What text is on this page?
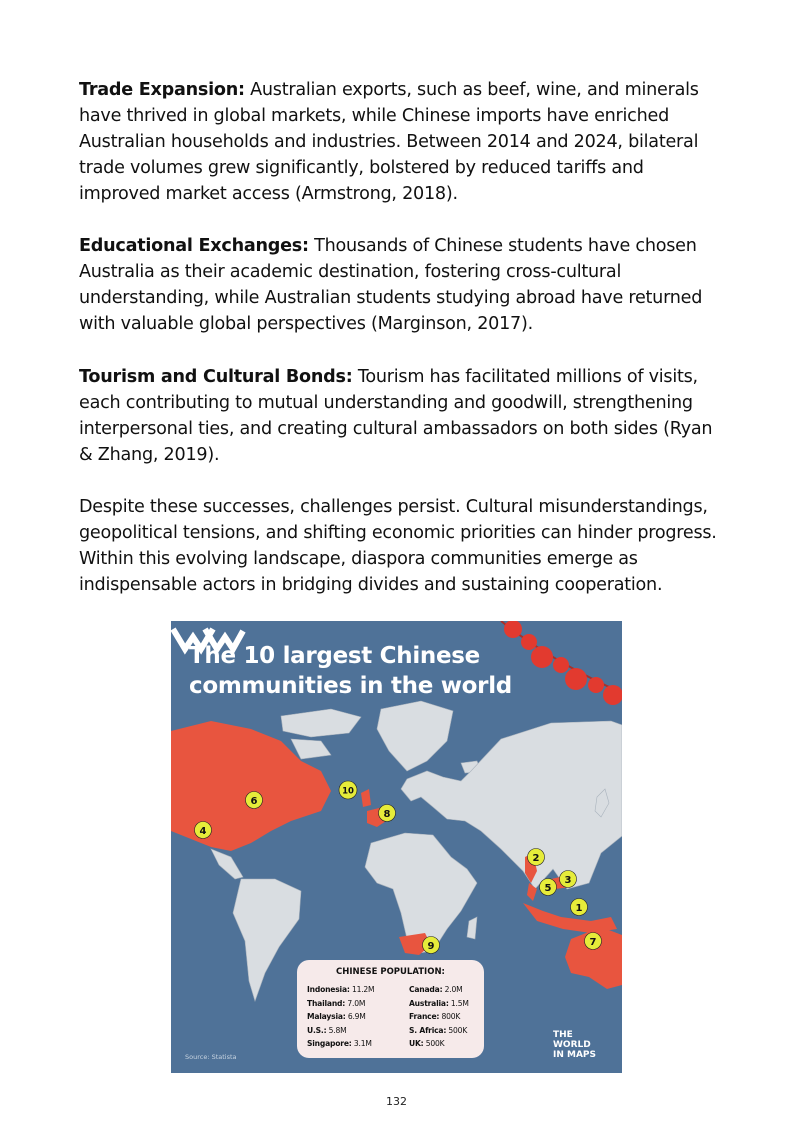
Trade Expansion: Australian exports, such as beef, wine, and minerals have thrived in global markets, while Chinese imports have enriched Australian households and industries. Between 2014 and 2024, bilateral trade volumes grew significantly, bolstered by reduced tariffs and improved market access (Armstrong, 2018).

Educational Exchanges: Thousands of Chinese students have chosen Australia as their academic destination, fostering cross-cultural understanding, while Australian students studying abroad have returned with valuable global perspectives (Marginson, 2017).

Tourism and Cultural Bonds: Tourism has facilitated millions of visits, each contributing to mutual understanding and goodwill, strengthening interpersonal ties, and creating cultural ambassadors on both sides (Ryan & Zhang, 2019).

Despite these successes, challenges persist. Cultural misunderstandings, geopolitical tensions, and shifting economic priorities can hinder progress. Within this evolving landscape, diaspora communities emerge as indispensable actors in bridging divides and sustaining cooperation.

The 10 largest Chinese
communities in the world
1
2
3
4
5
6
7
8
9
10
CHINESE POPULATION:
Indonesia: 11.2M
Thailand: 7.0M
Malaysia: 6.9M
U.S.: 5.8M
Singapore: 3.1M
Canada: 2.0M
Australia: 1.5M
France: 800K
S. Africa: 500K
UK: 500K
Source: Statista
THE WORLD
IN MAPS
132
